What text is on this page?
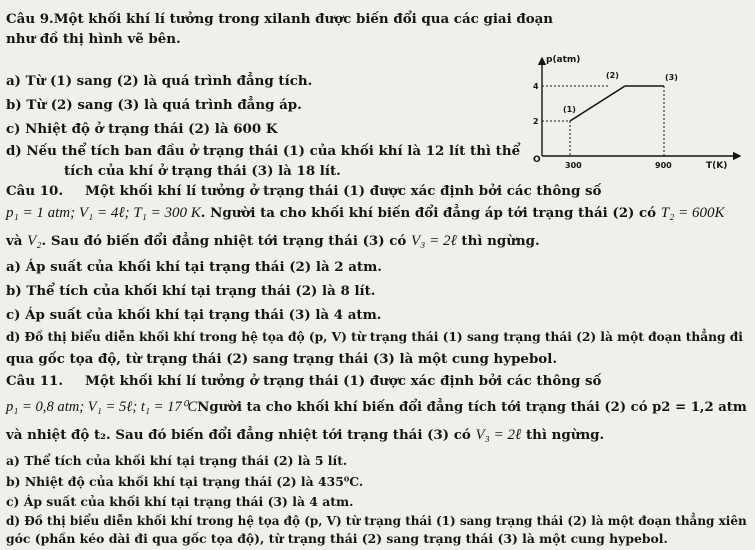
Câu 9.Một khối khí lí tưởng trong xilanh được biến đổi qua các giai đoạn
như đồ thị hình vẽ bên.
a) Từ (1) sang (2) là quá trình đẳng tích.
b) Từ (2) sang (3) là quá trình đẳng áp.
c) Nhiệt độ ở trạng thái (2) là 600 K
d) Nếu thể tích ban đầu ở trạng thái (1) của khối khí là 12 lít thì thể
tích của khí ở trạng thái (3) là 18 lít.
p(atm)
4
2
O
300	900	T(K)
(1)
(2)	(3)
Câu 10. Một khối khí lí tưởng ở trạng thái (1) được xác định bởi các thông số
p₁ = 1 atm; V₁ = 4ℓ; T₁ = 300 K. Người ta cho khối khí biến đổi đẳng áp tới trạng thái (2) có T₂ = 600K
và V₂. Sau đó biến đổi đẳng nhiệt tới trạng thái (3) có V₃ = 2ℓ thì ngừng.
a) Áp suất của khối khí tại trạng thái (2) là 2 atm.
b) Thể tích của khối khí tại trạng thái (2) là 8 lít.
c) Áp suất của khối khí tại trạng thái (3) là 4 atm.
d) Đồ thị biểu diễn khối khí trong hệ tọa độ (p, V) từ trạng thái (1) sang trạng thái (2) là một đoạn thẳng đi
qua gốc tọa độ, từ trạng thái (2) sang trạng thái (3) là một cung hypebol.
Câu 11. Một khối khí lí tưởng ở trạng thái (1) được xác định bởi các thông số
p₁ = 0,8 atm; V₁ = 5ℓ; t₁ = 17⁰CNgười ta cho khối khí biến đổi đẳng tích tới trạng thái (2) có p2 = 1,2 atm
và nhiệt độ t₂. Sau đó biến đổi đẳng nhiệt tới trạng thái (3) có V₃ = 2ℓ thì ngừng.
a) Thể tích của khối khí tại trạng thái (2) là 5 lít.
b) Nhiệt độ của khối khí tại trạng thái (2) là 435⁰C.
c) Áp suất của khối khí tại trạng thái (3) là 4 atm.
d) Đồ thị biểu diễn khối khí trong hệ tọa độ (p, V) từ trạng thái (1) sang trạng thái (2) là một đoạn thẳng xiên
góc (phần kéo dài đi qua gốc tọa độ), từ trạng thái (2) sang trạng thái (3) là một cung hypebol.
